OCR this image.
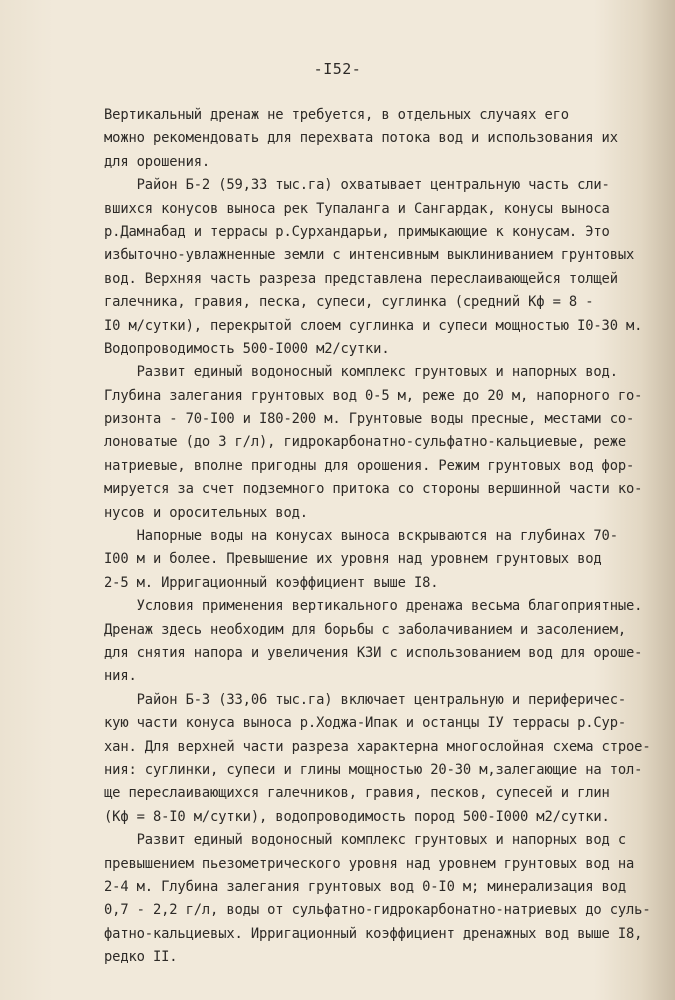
-I52-
Вертикальный дренаж не требуется, в отдельных случаях его
можно рекомендовать для перехвата потока вод и использования их
для орошения.
Район Б-2 (59,33 тыс.га) охватывает центральную часть сли-
вшихся конусов выноса рек Тупаланга и Сангардак, конусы выноса
р.Дамнабад и террасы р.Сурхандарьи, примыкающие к конусам. Это
избыточно-увлажненные земли с интенсивным выклиниванием грунтовых
вод. Верхняя часть разреза представлена переслаивающейся толщей
галечника, гравия, песка, супеси, суглинка (средний Кф = 8 -
I0 м/сутки), перекрытой слоем суглинка и супеси мощностью I0-30 м.
Водопроводимость 500-I000 м2/сутки.
Развит единый водоносный комплекс грунтовых и напорных вод.
Глубина залегания грунтовых вод 0-5 м, реже до 20 м, напорного го-
ризонта - 70-I00 и I80-200 м. Грунтовые воды пресные, местами со-
лоноватые (до 3 г/л), гидрокарбонатно-сульфатно-кальциевые, реже
натриевые, вполне пригодны для орошения. Режим грунтовых вод фор-
мируется за счет подземного притока со стороны вершинной части ко-
нусов и оросительных вод.
Напорные воды на конусах выноса вскрываются на глубинах 70-
I00 м и более. Превышение их уровня над уровнем грунтовых вод
2-5 м. Ирригационный коэффициент выше I8.
Условия применения вертикального дренажа весьма благоприятные.
Дренаж здесь необходим для борьбы с заболачиванием и засолением,
для снятия напора и увеличения КЗИ с использованием вод для ороше-
ния.
Район Б-3 (33,06 тыс.га) включает центральную и периферичес-
кую части конуса выноса р.Ходжа-Ипак и останцы IУ террасы р.Сур-
хан. Для верхней части разреза характерна многослойная схема строе-
ния: суглинки, супеси и глины мощностью 20-30 м,залегающие на тол-
ще переслаивающихся галечников, гравия, песков, супесей и глин
(Кф = 8-I0 м/сутки), водопроводимость пород 500-I000 м2/сутки.
Развит единый водоносный комплекс грунтовых и напорных вод с
превышением пьезометрического уровня над уровнем грунтовых вод на
2-4 м. Глубина залегания грунтовых вод 0-I0 м; минерализация вод
0,7 - 2,2 г/л, воды от сульфатно-гидрокарбонатно-натриевых до суль-
фатно-кальциевых. Ирригационный коэффициент дренажных вод выше I8,
редко II.
